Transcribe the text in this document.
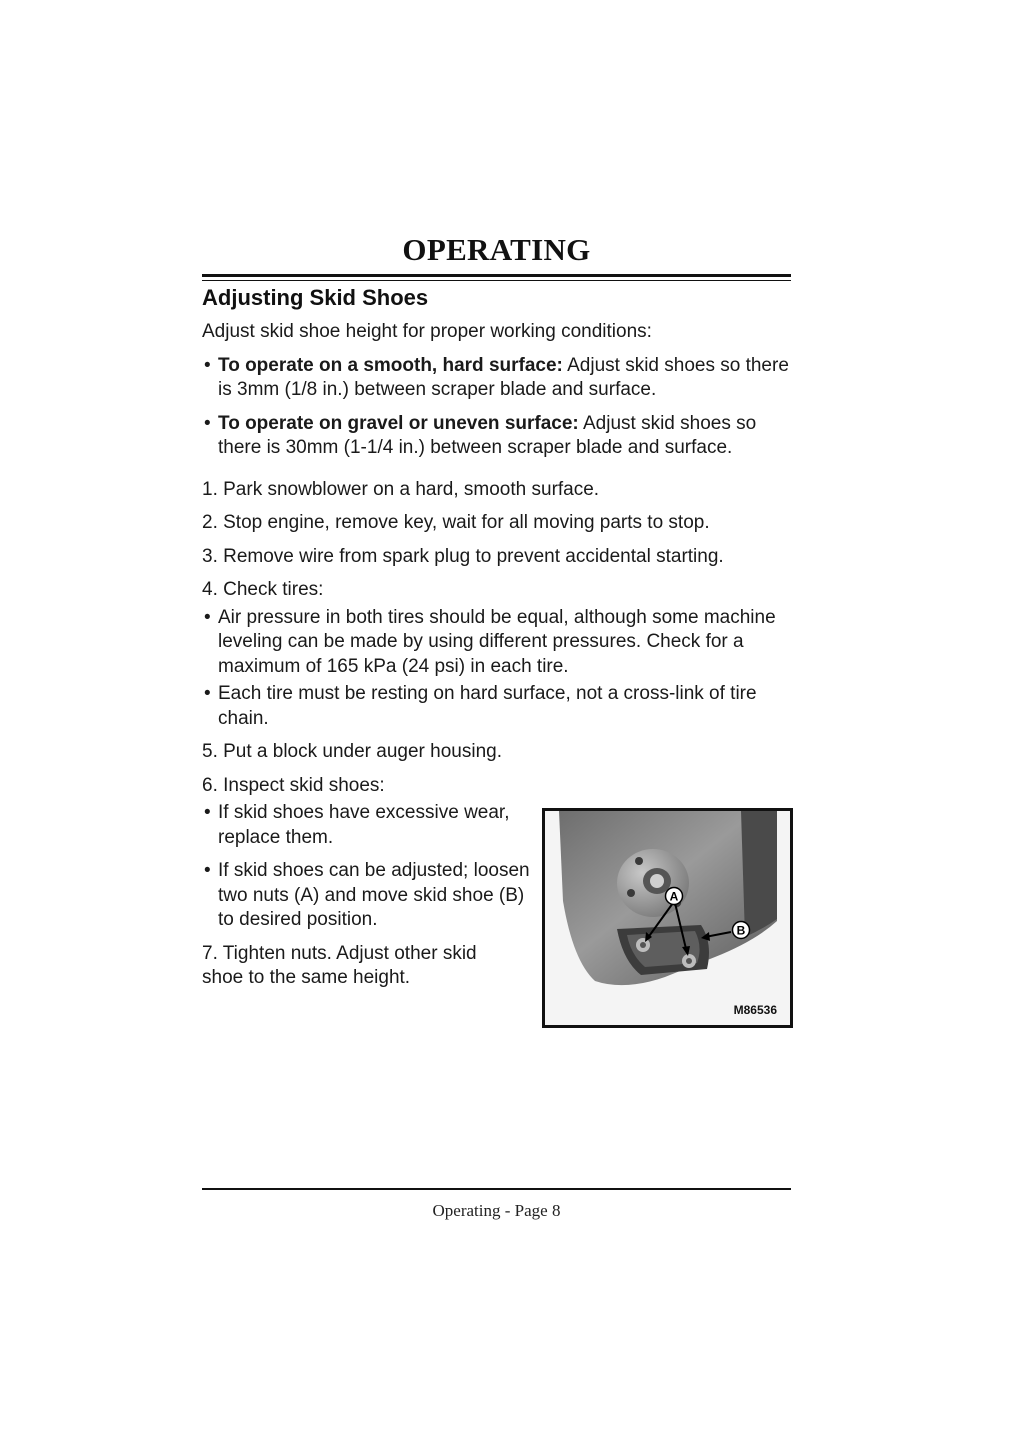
OPERATING
Adjusting Skid Shoes

Adjust skid shoe height for proper working conditions:

• To operate on a smooth, hard surface: Adjust skid shoes so there is 3mm (1/8 in.) between scraper blade and surface.

• To operate on gravel or uneven surface: Adjust skid shoes so there is 30mm (1-1/4 in.) between scraper blade and surface.

1. Park snowblower on a hard, smooth surface.

2. Stop engine, remove key, wait for all moving parts to stop.

3. Remove wire from spark plug to prevent accidental starting.

4. Check tires:

• Air pressure in both tires should be equal, although some machine leveling can be made by using different pressures. Check for a maximum of 165 kPa (24 psi) in each tire.

• Each tire must be resting on hard surface, not a cross-link of tire chain.

5. Put a block under auger housing.

6. Inspect skid shoes:

• If skid shoes have excessive wear, replace them.

• If skid shoes can be adjusted; loosen two nuts (A) and move skid shoe (B) to desired position.

7. Tighten nuts. Adjust other skid shoe to the same height.

A
B
M86536
Operating - Page 8
